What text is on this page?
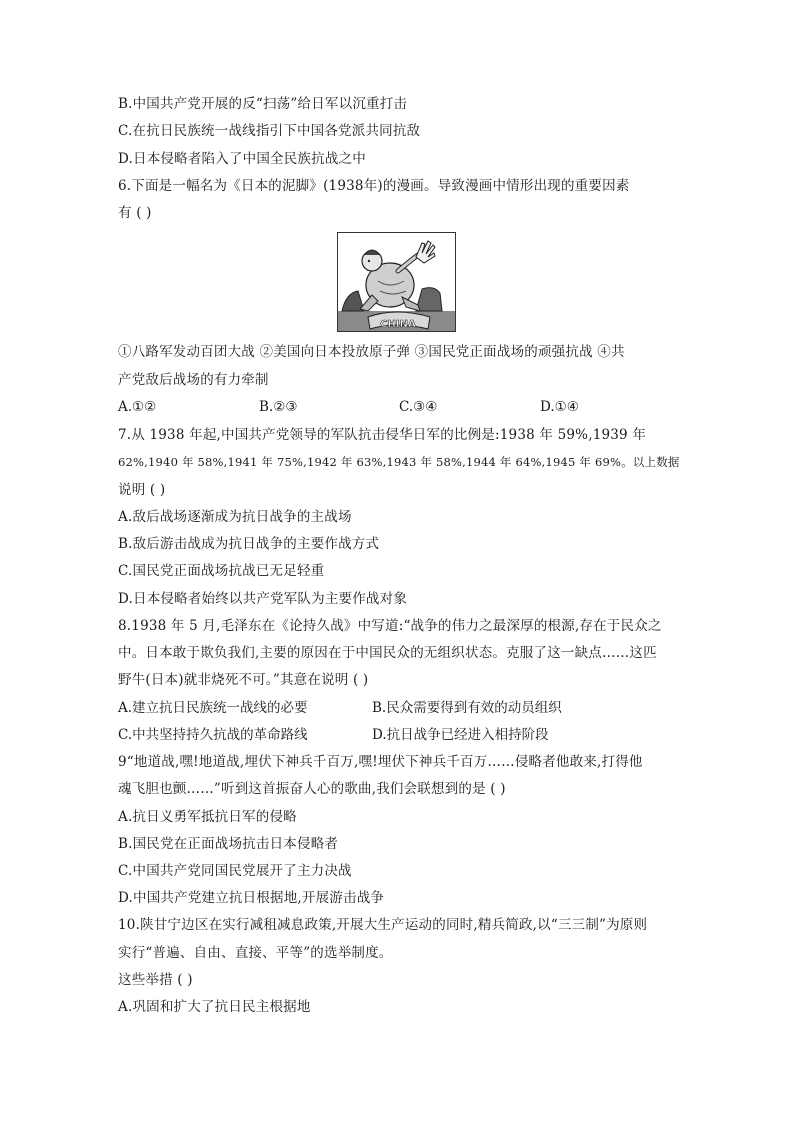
B.中国共产党开展的反“扫荡”给日军以沉重打击
C.在抗日民族统一战线指引下中国各党派共同抗敌
D.日本侵略者陷入了中国全民族抗战之中
6.下面是一幅名为《日本的泥脚》(1938年)的漫画。导致漫画中情形出现的重要因素
有 ( )
CHINA
①八路军发动百团大战 ②美国向日本投放原子弹 ③国民党正面战场的顽强抗战 ④共
产党敌后战场的有力牵制
A.①②	B.②③	C.③④	D.①④
7.从 1938 年起,中国共产党领导的军队抗击侵华日军的比例是:1938 年 59%,1939 年
62%,1940 年 58%,1941 年 75%,1942 年 63%,1943 年 58%,1944 年 64%,1945 年 69%。以上数据
说明 ( )
A.敌后战场逐渐成为抗日战争的主战场
B.敌后游击战成为抗日战争的主要作战方式
C.国民党正面战场抗战已无足轻重
D.日本侵略者始终以共产党军队为主要作战对象
8.1938 年 5 月,毛泽东在《论持久战》中写道:“战争的伟力之最深厚的根源,存在于民众之
中。日本敢于欺负我们,主要的原因在于中国民众的无组织状态。克服了这一缺点……这匹
野牛(日本)就非烧死不可。”其意在说明 ( )
A.建立抗日民族统一战线的必要	B.民众需要得到有效的动员组织
C.中共坚持持久抗战的革命路线	D.抗日战争已经进入相持阶段
9“地道战,嘿!地道战,埋伏下神兵千百万,嘿!埋伏下神兵千百万……侵略者他敢来,打得他
魂飞胆也颤……”听到这首振奋人心的歌曲,我们会联想到的是 ( )
A.抗日义勇军抵抗日军的侵略
B.国民党在正面战场抗击日本侵略者
C.中国共产党同国民党展开了主力决战
D.中国共产党建立抗日根据地,开展游击战争
10.陕甘宁边区在实行减租减息政策,开展大生产运动的同时,精兵简政,以“三三制”为原则
实行“普遍、自由、直接、平等”的选举制度。
这些举措 ( )
A.巩固和扩大了抗日民主根据地
